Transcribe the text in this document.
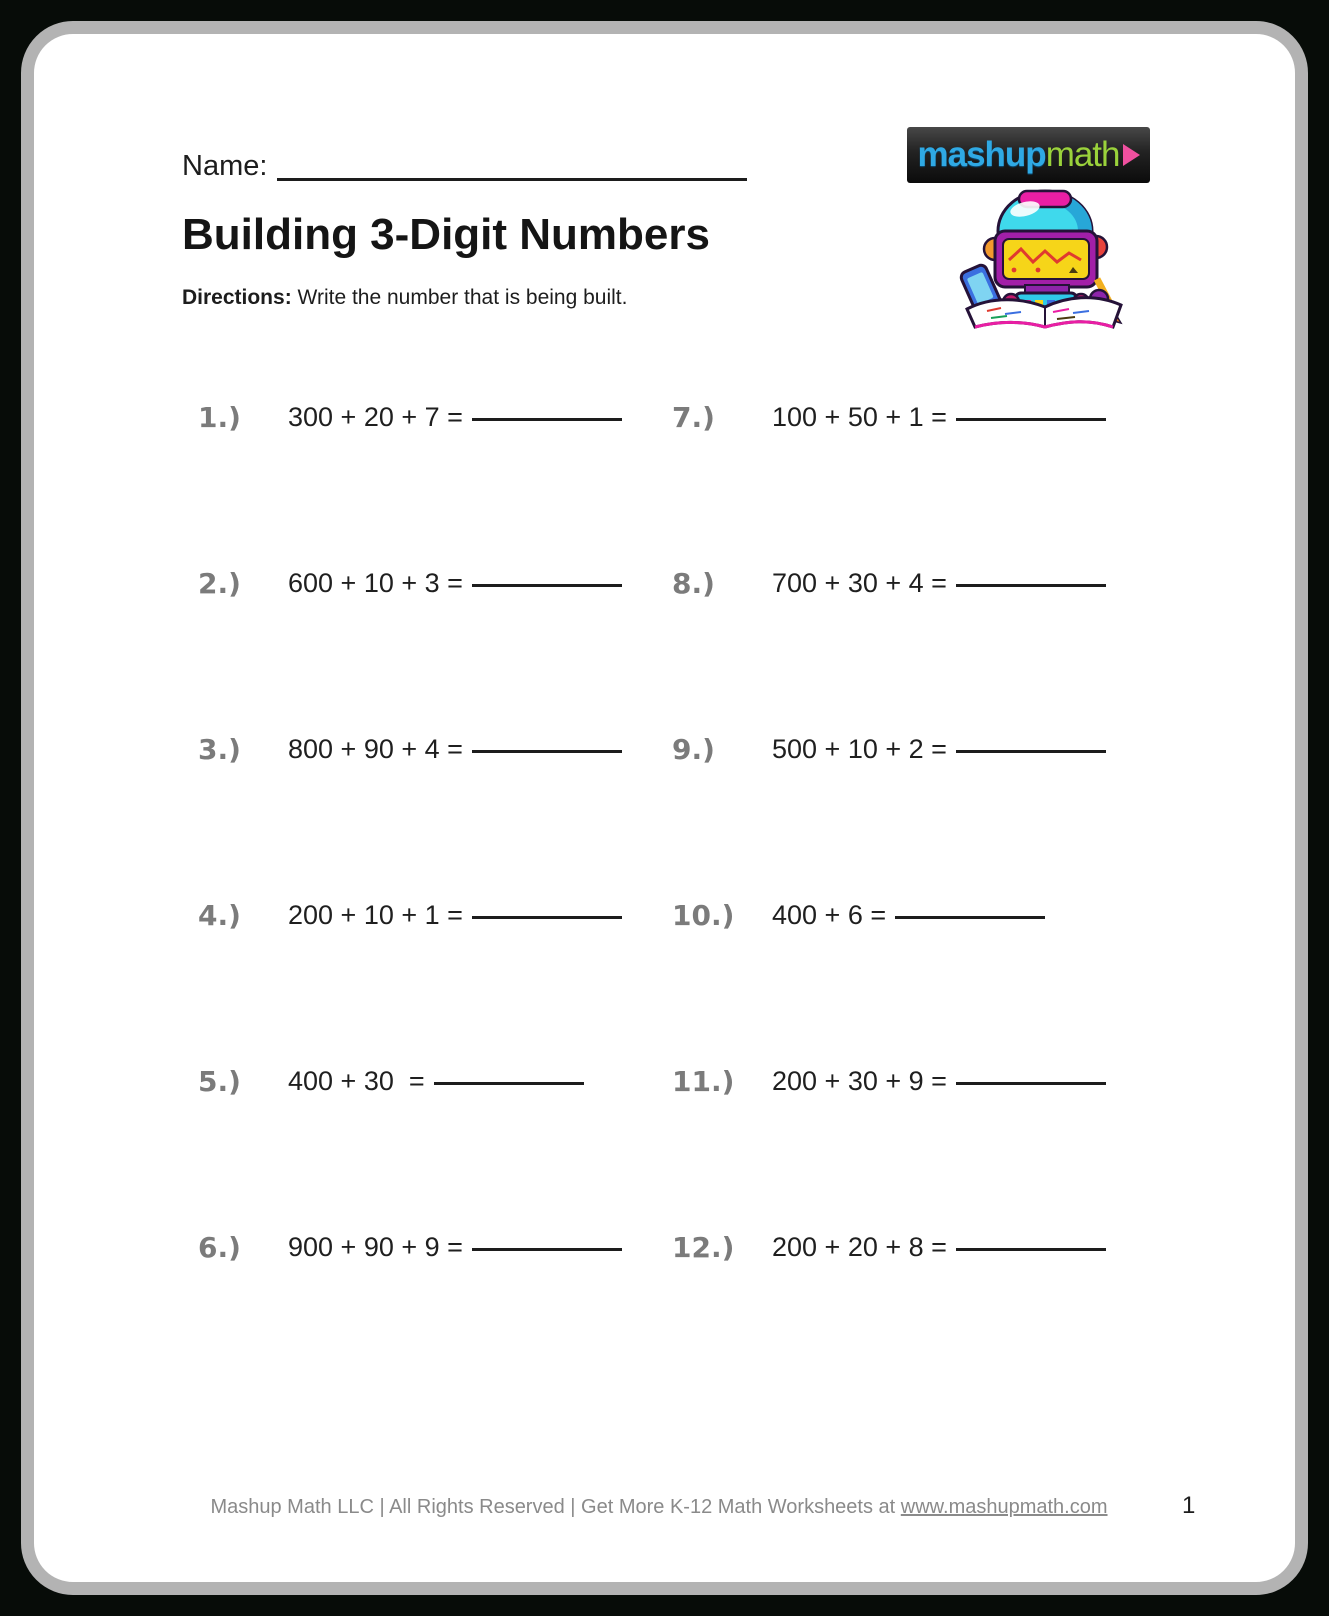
Name:	mashup math
Building 3-Digit Numbers

Directions: Write the number that is being built.

1.)	300 + 20 + 7 =
2.)	600 + 10 + 3 =
3.)	800 + 90 + 4 =
4.)	200 + 10 + 1 =
5.)	400 + 30  =
6.)	900 + 90 + 9 =
7.)	100 + 50 + 1 =
8.)	700 + 30 + 4 =
9.)	500 + 10 + 2 =
10.)	400 + 6 =
11.)	200 + 30 + 9 =
12.)	200 + 20 + 8 =
Mashup Math LLC | All Rights Reserved | Get More K-12 Math Worksheets at www.mashupmath.com	1
